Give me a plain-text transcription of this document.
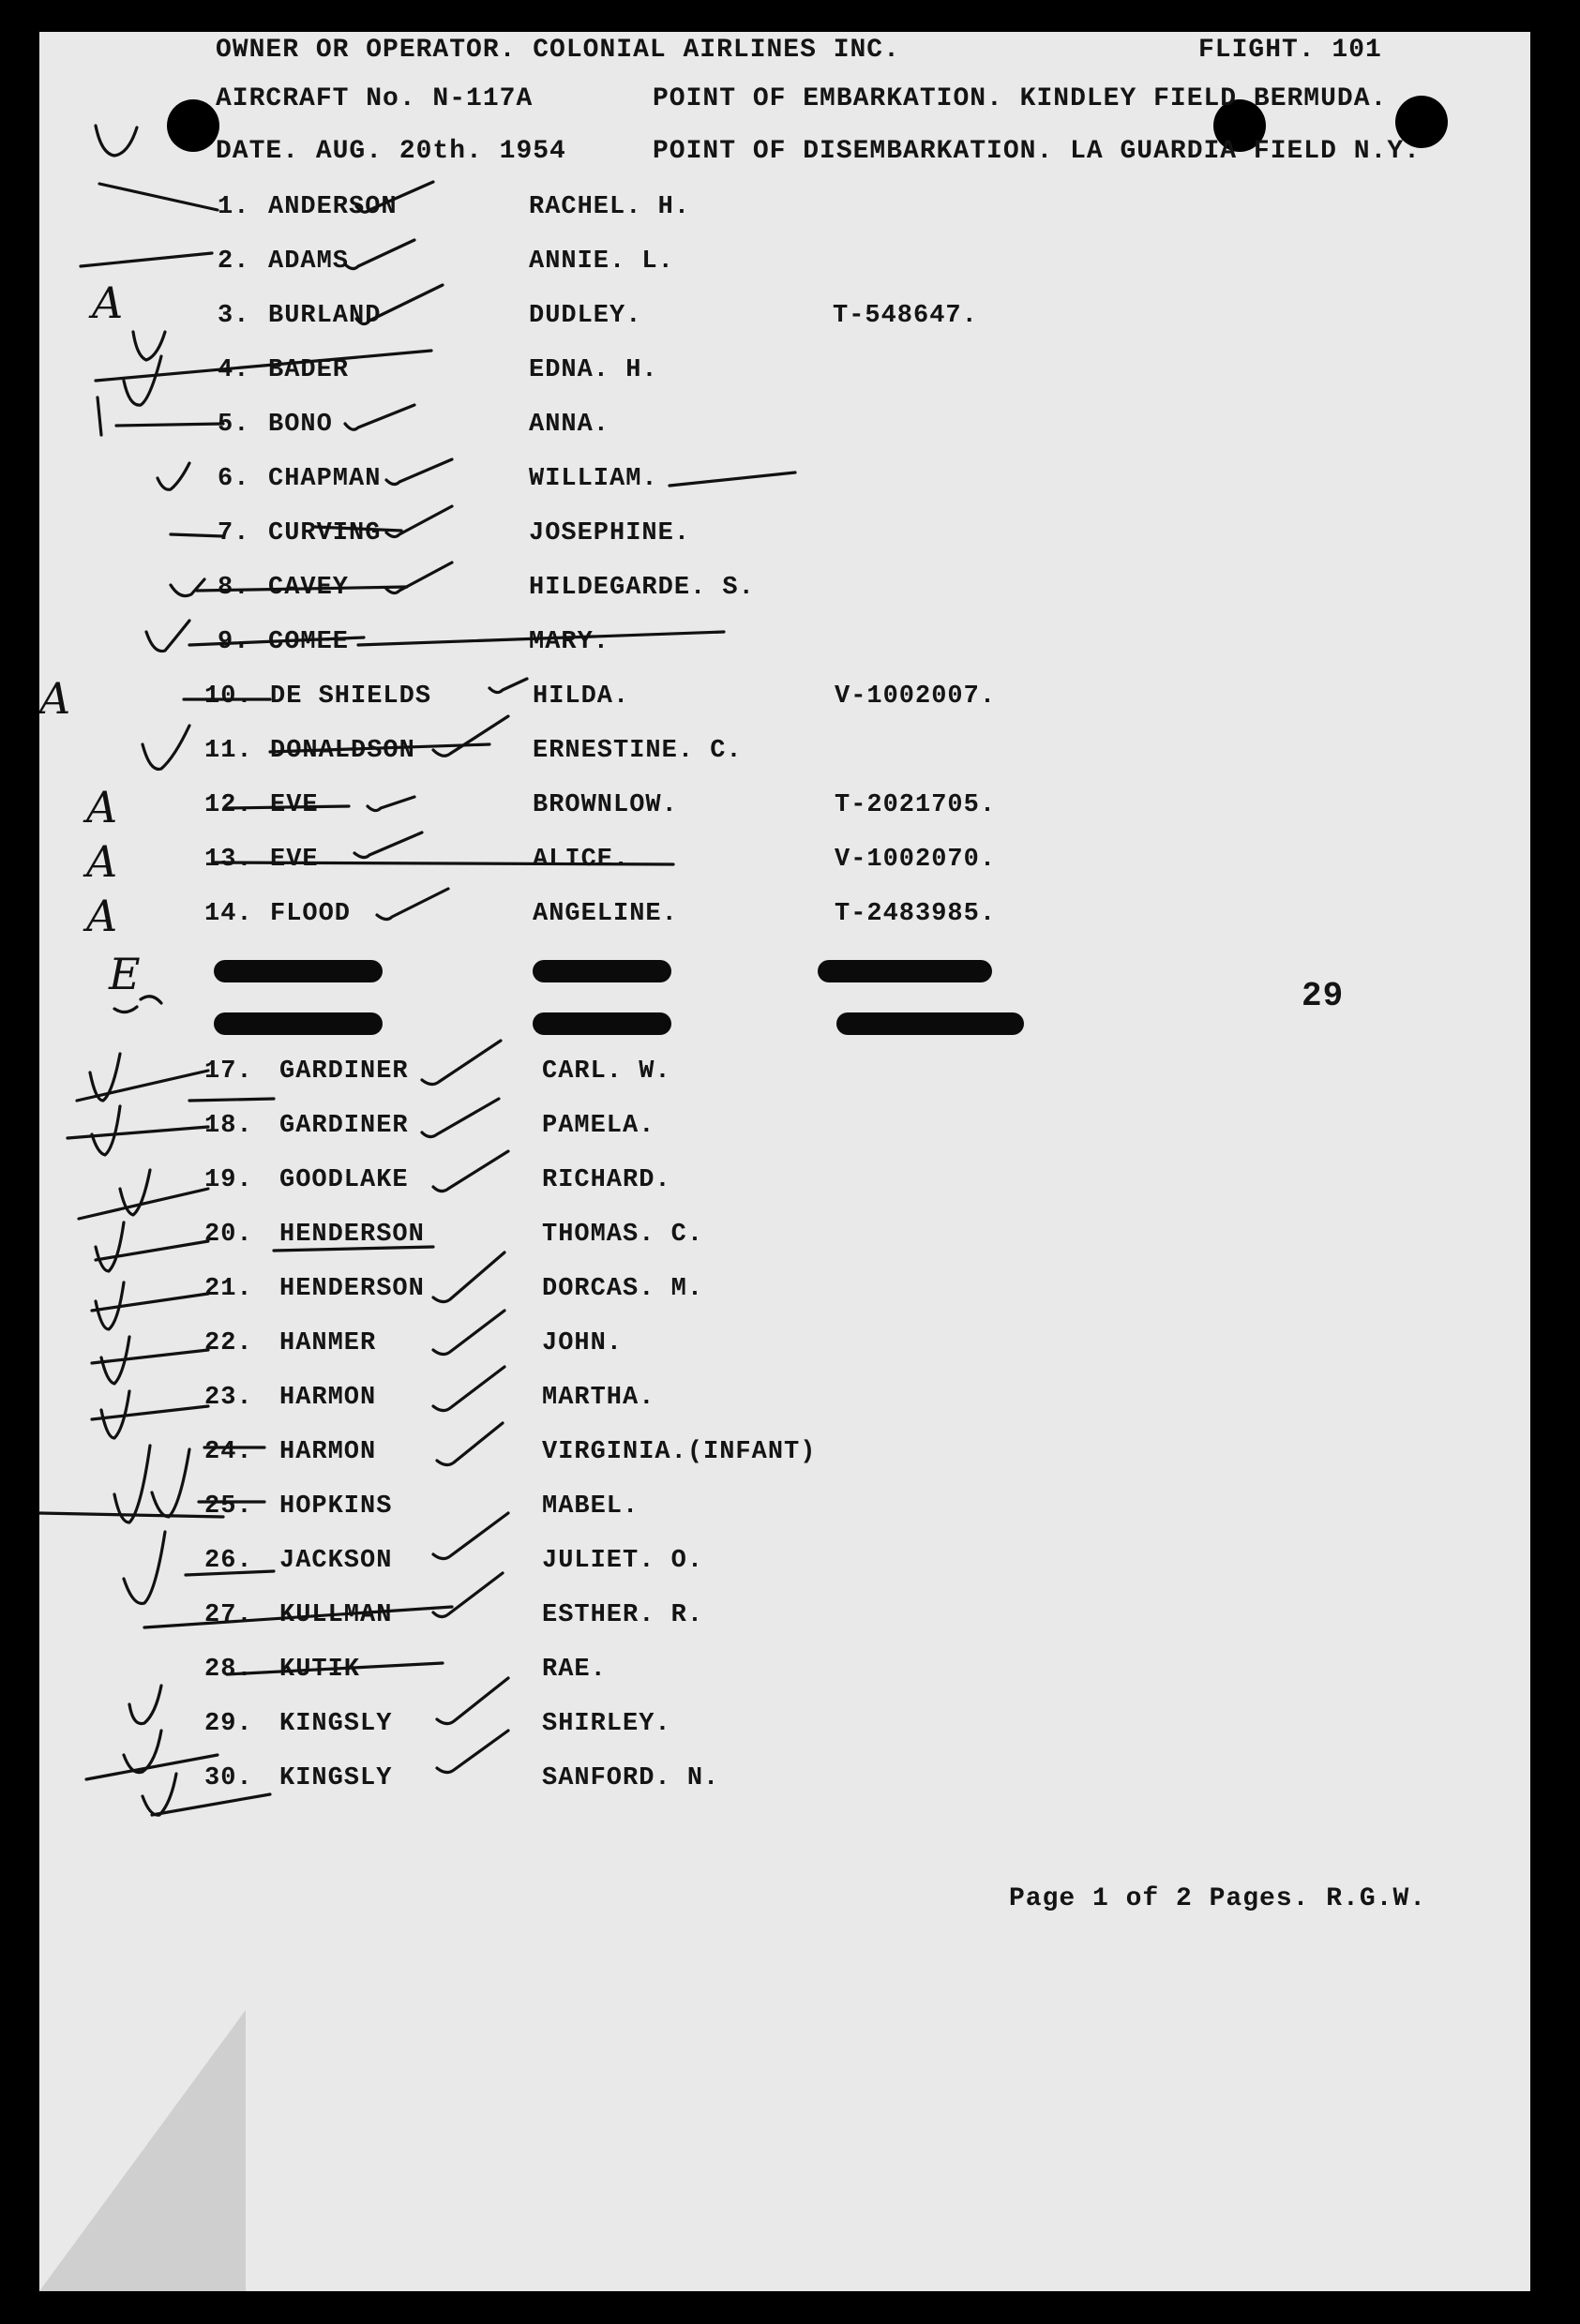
OWNER OR OPERATOR. COLONIAL AIRLINES INC.	FLIGHT. 101
AIRCRAFT No. N-117A	POINT OF EMBARKATION. KINDLEY FIELD BERMUDA.
DATE. AUG. 20th. 1954	POINT OF DISEMBARKATION. LA GUARDIA FIELD N.Y.
1. ANDERSON	RACHEL. H.
2. ADAMS	ANNIE. L.
3. BURLAND	DUDLEY.	T-548647.
4. BADER	EDNA. H.
5. BONO	ANNA.
6. CHAPMAN	WILLIAM.
7. CURVING	JOSEPHINE.
8. CAVEY	HILDEGARDE. S.
9. COMEE	MARY.
10. DE SHIELDS	HILDA.	V-1002007.
11. DONALDSON	ERNESTINE. C.
12. EVE	BROWNLOW.	T-2021705.
13. EVE	ALICE.	V-1002070.
14. FLOOD	ANGELINE.	T-2483985.
17. GARDINER	CARL. W.
18. GARDINER	PAMELA.
19. GOODLAKE	RICHARD.
20. HENDERSON	THOMAS. C.
21. HENDERSON	DORCAS. M.
22. HANMER	JOHN.
23. HARMON	MARTHA.
24. HARMON	VIRGINIA.(INFANT)
25. HOPKINS	MABEL.
26. JACKSON	JULIET. O.
27. KULLMAN	ESTHER. R.
28. KUTIK	RAE.
29. KINGSLY	SHIRLEY.
30. KINGSLY	SANFORD. N.
29
Page 1 of 2 Pages. R.G.W.
A
A
A
A
A
E
